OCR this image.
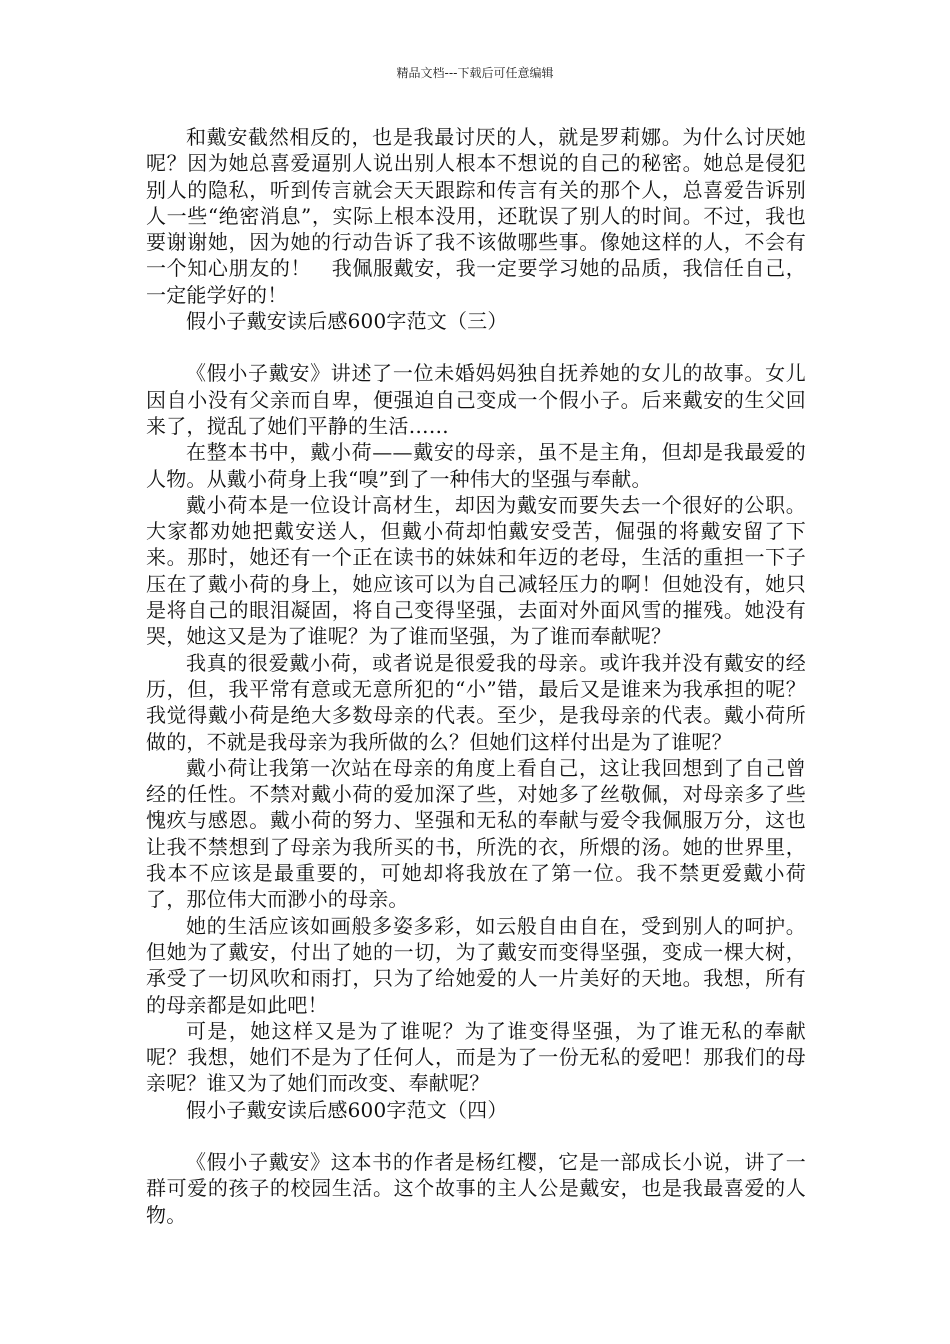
精品文档---下载后可任意编辑

和戴安截然相反的，也是我最讨厌的人，就是罗莉娜。为什么讨厌她呢？因为她总喜爱逼别人说出别人根本不想说的自己的秘密。她总是侵犯别人的隐私，听到传言就会天天跟踪和传言有关的那个人，总喜爱告诉别人一些“绝密消息”，实际上根本没用，还耽误了别人的时间。不过，我也要谢谢她，因为她的行动告诉了我不该做哪些事。像她这样的人，不会有一个知心朋友的！　我佩服戴安，我一定要学习她的品质，我信任自己，一定能学好的！

假小子戴安读后感600字范文（三）

《假小子戴安》讲述了一位未婚妈妈独自抚养她的女儿的故事。女儿因自小没有父亲而自卑，便强迫自己变成一个假小子。后来戴安的生父回来了，搅乱了她们平静的生活……

在整本书中，戴小荷——戴安的母亲，虽不是主角，但却是我最爱的人物。从戴小荷身上我“嗅”到了一种伟大的坚强与奉献。

戴小荷本是一位设计高材生，却因为戴安而要失去一个很好的公职。大家都劝她把戴安送人，但戴小荷却怕戴安受苦，倔强的将戴安留了下来。那时，她还有一个正在读书的妹妹和年迈的老母，生活的重担一下子压在了戴小荷的身上，她应该可以为自己减轻压力的啊！但她没有，她只是将自己的眼泪凝固，将自己变得坚强，去面对外面风雪的摧残。她没有哭，她这又是为了谁呢？为了谁而坚强，为了谁而奉献呢？

我真的很爱戴小荷，或者说是很爱我的母亲。或许我并没有戴安的经历，但，我平常有意或无意所犯的“小”错，最后又是谁来为我承担的呢？我觉得戴小荷是绝大多数母亲的代表。至少，是我母亲的代表。戴小荷所做的，不就是我母亲为我所做的么？但她们这样付出是为了谁呢？

戴小荷让我第一次站在母亲的角度上看自己，这让我回想到了自己曾经的任性。不禁对戴小荷的爱加深了些，对她多了丝敬佩，对母亲多了些愧疚与感恩。戴小荷的努力、坚强和无私的奉献与爱令我佩服万分，这也让我不禁想到了母亲为我所买的书，所洗的衣，所煨的汤。她的世界里，我本不应该是最重要的，可她却将我放在了第一位。我不禁更爱戴小荷了，那位伟大而渺小的母亲。

她的生活应该如画般多姿多彩，如云般自由自在，受到别人的呵护。但她为了戴安，付出了她的一切，为了戴安而变得坚强，变成一棵大树，承受了一切风吹和雨打，只为了给她爱的人一片美好的天地。我想，所有的母亲都是如此吧！

可是，她这样又是为了谁呢？为了谁变得坚强，为了谁无私的奉献呢？我想，她们不是为了任何人，而是为了一份无私的爱吧！那我们的母亲呢？谁又为了她们而改变、奉献呢？

假小子戴安读后感600字范文（四）

《假小子戴安》这本书的作者是杨红樱，它是一部成长小说，讲了一群可爱的孩子的校园生活。这个故事的主人公是戴安，也是我最喜爱的人物。
